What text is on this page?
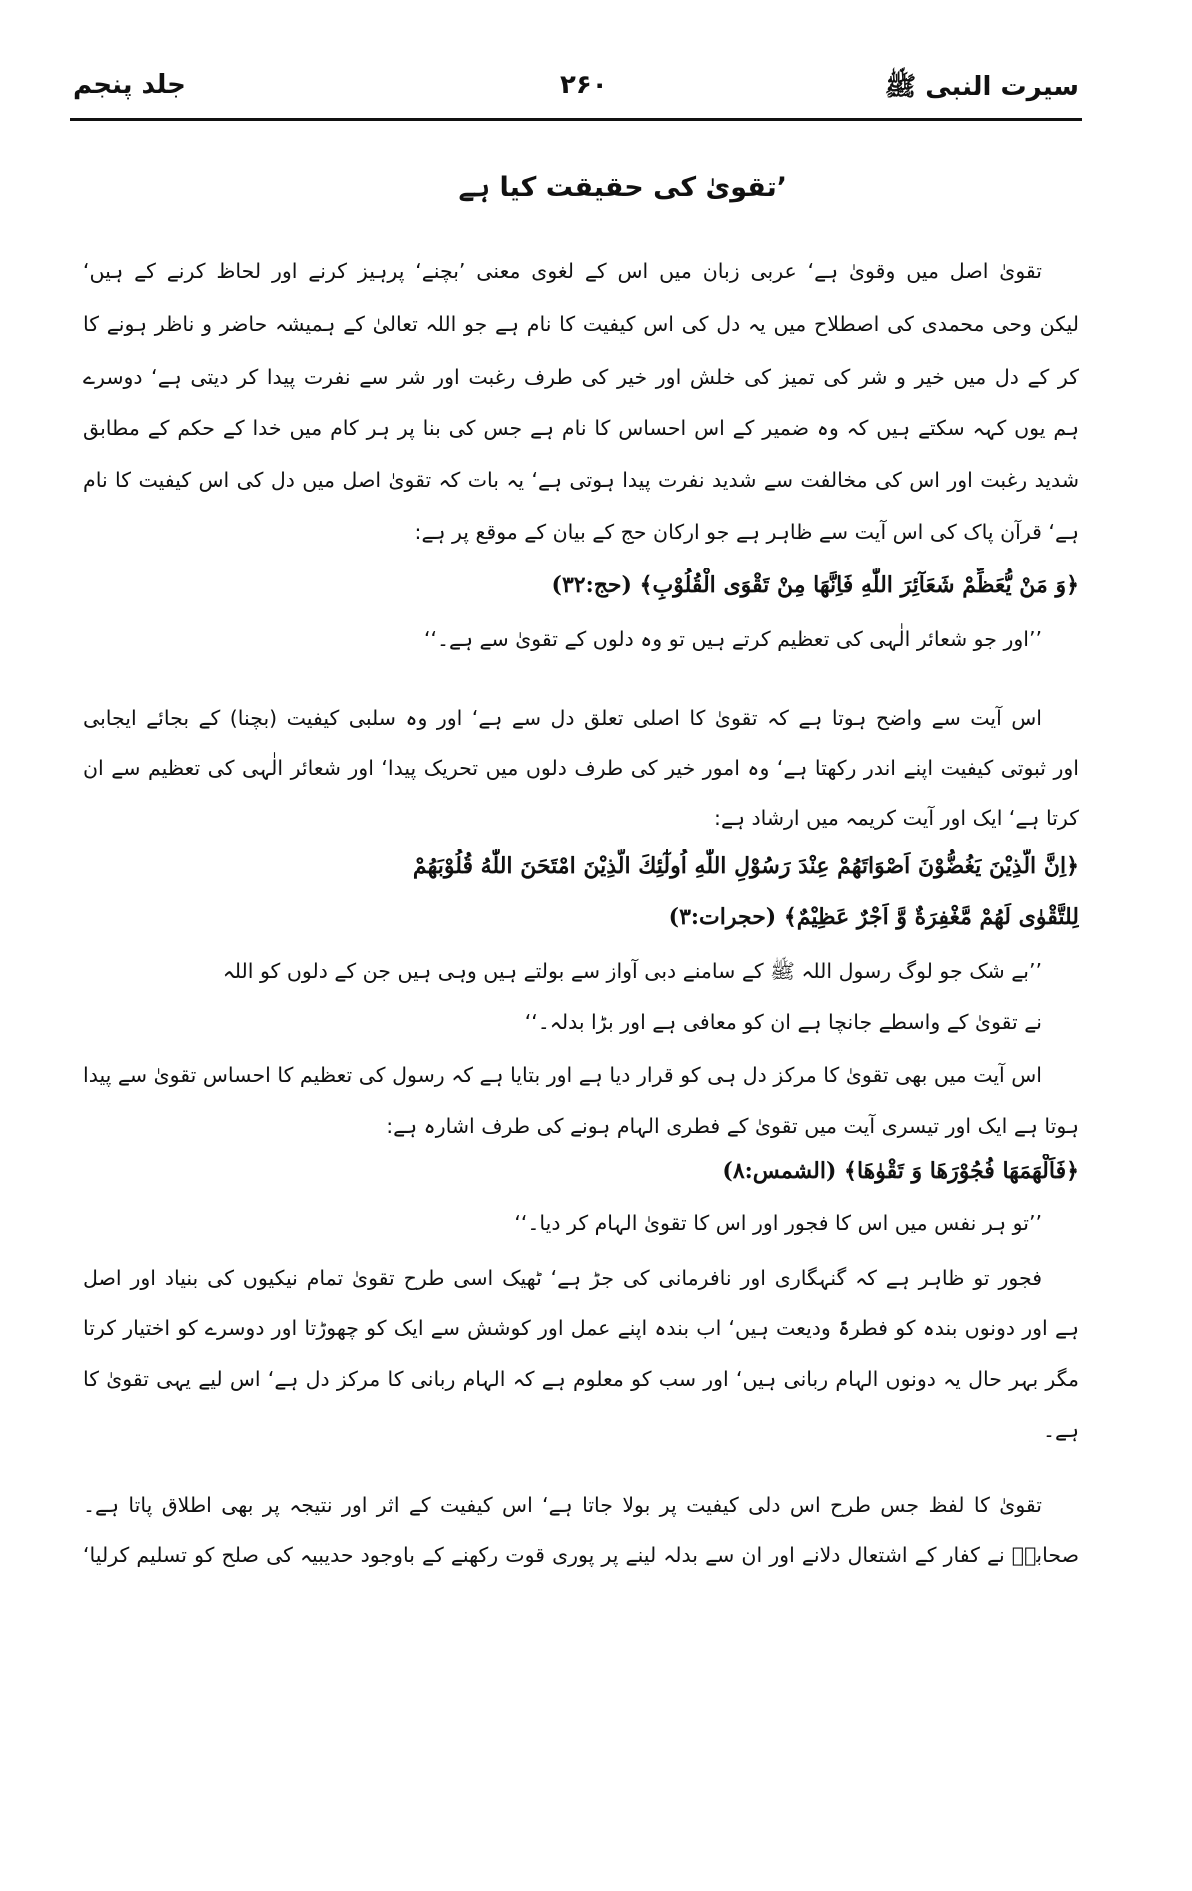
سیرت النبی ﷺ
۲۶۰
جلد پنجم
’تقویٰ کی حقیقت کیا ہے
تقویٰ اصل میں وقویٰ ہے‘ عربی زبان میں اس کے لغوی معنی ’بچنے‘ پرہیز کرنے اور لحاظ کرنے کے ہیں‘
لیکن وحی محمدی کی اصطلاح میں یہ دل کی اس کیفیت کا نام ہے جو اللہ تعالیٰ کے ہمیشہ حاضر و ناظر ہونے کا
کر کے دل میں خیر و شر کی تمیز کی خلش اور خیر کی طرف رغبت اور شر سے نفرت پیدا کر دیتی ہے‘ دوسرے
ہم یوں کہہ سکتے ہیں کہ وہ ضمیر کے اس احساس کا نام ہے جس کی بنا پر ہر کام میں خدا کے حکم کے مطابق
شدید رغبت اور اس کی مخالفت سے شدید نفرت پیدا ہوتی ہے‘ یہ بات کہ تقویٰ اصل میں دل کی اس کیفیت کا نام
ہے‘ قرآن پاک کی اس آیت سے ظاہر ہے جو ارکان حج کے بیان کے موقع پر ہے:
﴿وَ مَنْ يُّعَظِّمْ شَعَآئِرَ اللّٰهِ فَاِنَّهَا مِنْ تَقْوَى الْقُلُوْبِ﴾ (حج:۳۲)
’’اور جو شعائر الٰہی کی تعظیم کرتے ہیں تو وہ دلوں کے تقویٰ سے ہے۔‘‘
اس آیت سے واضح ہوتا ہے کہ تقویٰ کا اصلی تعلق دل سے ہے‘ اور وہ سلبی کیفیت (بچنا) کے بجائے ایجابی
اور ثبوتی کیفیت اپنے اندر رکھتا ہے‘ وہ امور خیر کی طرف دلوں میں تحریک پیدا‘ اور شعائر الٰہی کی تعظیم سے ان
کرتا ہے‘ ایک اور آیت کریمہ میں ارشاد ہے:
﴿اِنَّ الَّذِيْنَ يَغُضُّوْنَ اَصْوَاتَهُمْ عِنْدَ رَسُوْلِ اللّٰهِ اُولٰٓئِكَ الَّذِيْنَ امْتَحَنَ اللّٰهُ قُلُوْبَهُمْ
لِلتَّقْوٰى لَهُمْ مَّغْفِرَةٌ وَّ اَجْرٌ عَظِيْمٌ﴾ (حجرات:۳)
’’بے شک جو لوگ رسول اللہ ﷺ کے سامنے دبی آواز سے بولتے ہیں وہی ہیں جن کے دلوں کو اللہ
نے تقویٰ کے واسطے جانچا ہے ان کو معافی ہے اور بڑا بدلہ۔‘‘
اس آیت میں بھی تقویٰ کا مرکز دل ہی کو قرار دیا ہے اور بتایا ہے کہ رسول کی تعظیم کا احساس تقویٰ سے پیدا
ہوتا ہے ایک اور تیسری آیت میں تقویٰ کے فطری الہام ہونے کی طرف اشارہ ہے:
﴿فَاَلْهَمَهَا فُجُوْرَهَا وَ تَقْوٰهَا﴾ (الشمس:۸)
’’تو ہر نفس میں اس کا فجور اور اس کا تقویٰ الہام کر دیا۔‘‘
فجور تو ظاہر ہے کہ گنہگاری اور نافرمانی کی جڑ ہے‘ ٹھیک اسی طرح تقویٰ تمام نیکیوں کی بنیاد اور اصل
ہے اور دونوں بندہ کو فطرۃً ودیعت ہیں‘ اب بندہ اپنے عمل اور کوشش سے ایک کو چھوڑتا اور دوسرے کو اختیار کرتا
مگر بہر حال یہ دونوں الہام ربانی ہیں‘ اور سب کو معلوم ہے کہ الہام ربانی کا مرکز دل ہے‘ اس لیے یہی تقویٰ کا
ہے۔
تقویٰ کا لفظ جس طرح اس دلی کیفیت پر بولا جاتا ہے‘ اس کیفیت کے اثر اور نتیجہ پر بھی اطلاق پاتا ہے۔
صحابہؓ نے کفار کے اشتعال دلانے اور ان سے بدلہ لینے پر پوری قوت رکھنے کے باوجود حدیبیہ کی صلح کو تسلیم کرلیا‘
